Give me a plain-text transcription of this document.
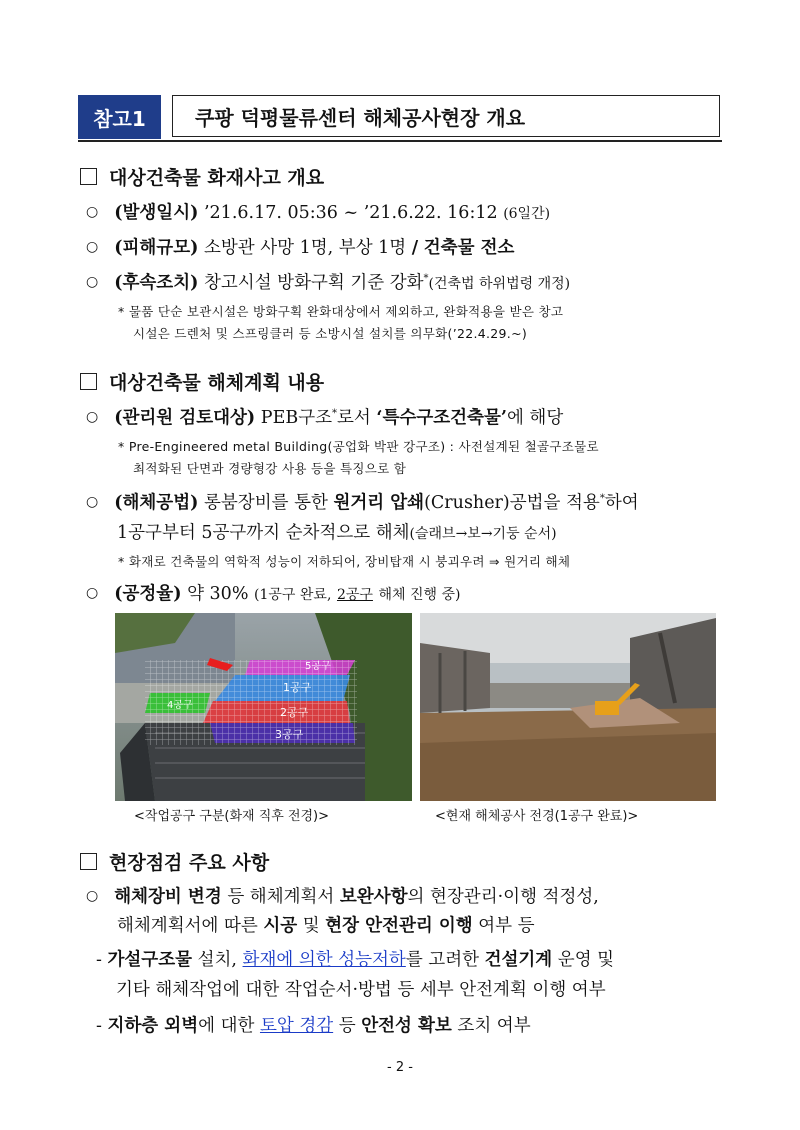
참고1	쿠팡 덕평물류센터 해체공사현장 개요
대상건축물 화재사고 개요
○ (발생일시) ’21.6.17. 05:36 ~ ’21.6.22. 16:12 (6일간)
○ (피해규모) 소방관 사망 1명, 부상 1명 / 건축물 전소
○ (후속조치) 창고시설 방화구획 기준 강화*(건축법 하위법령 개정)
* 물품 단순 보관시설은 방화구획 완화대상에서 제외하고, 완화적용을 받은 창고
시설은 드렌처 및 스프링클러 등 소방시설 설치를 의무화(’22.4.29.~)
대상건축물 해체계획 내용
○ (관리원 검토대상) PEB구조*로서 ‘특수구조건축물’에 해당
* Pre-Engineered metal Building(공업화 박판 강구조) : 사전설계된 철골구조물로
최적화된 단면과 경량형강 사용 등을 특징으로 함
○ (해체공법) 롱붐장비를 통한 원거리 압쇄(Crusher)공법을 적용*하여
1공구부터 5공구까지 순차적으로 해체(슬래브→보→기둥 순서)
* 화재로 건축물의 역학적 성능이 저하되어, 장비탑재 시 붕괴우려 ⇒ 원거리 해체
○ (공정율) 약 30% (1공구 완료, 2공구 해체 진행 중)
5공구
1공구
4공구
2공구
3공구
<작업공구 구분(화재 직후 전경)>	<현재 해체공사 전경(1공구 완료)>
현장점검 주요 사항
○ 해체장비 변경 등 해체계획서 보완사항의 현장관리·이행 적정성,
해체계획서에 따른 시공 및 현장 안전관리 이행 여부 등
- 가설구조물 설치, 화재에 의한 성능저하를 고려한 건설기계 운영 및
기타 해체작업에 대한 작업순서·방법 등 세부 안전계획 이행 여부
- 지하층 외벽에 대한 토압 경감 등 안전성 확보 조치 여부
- 2 -
